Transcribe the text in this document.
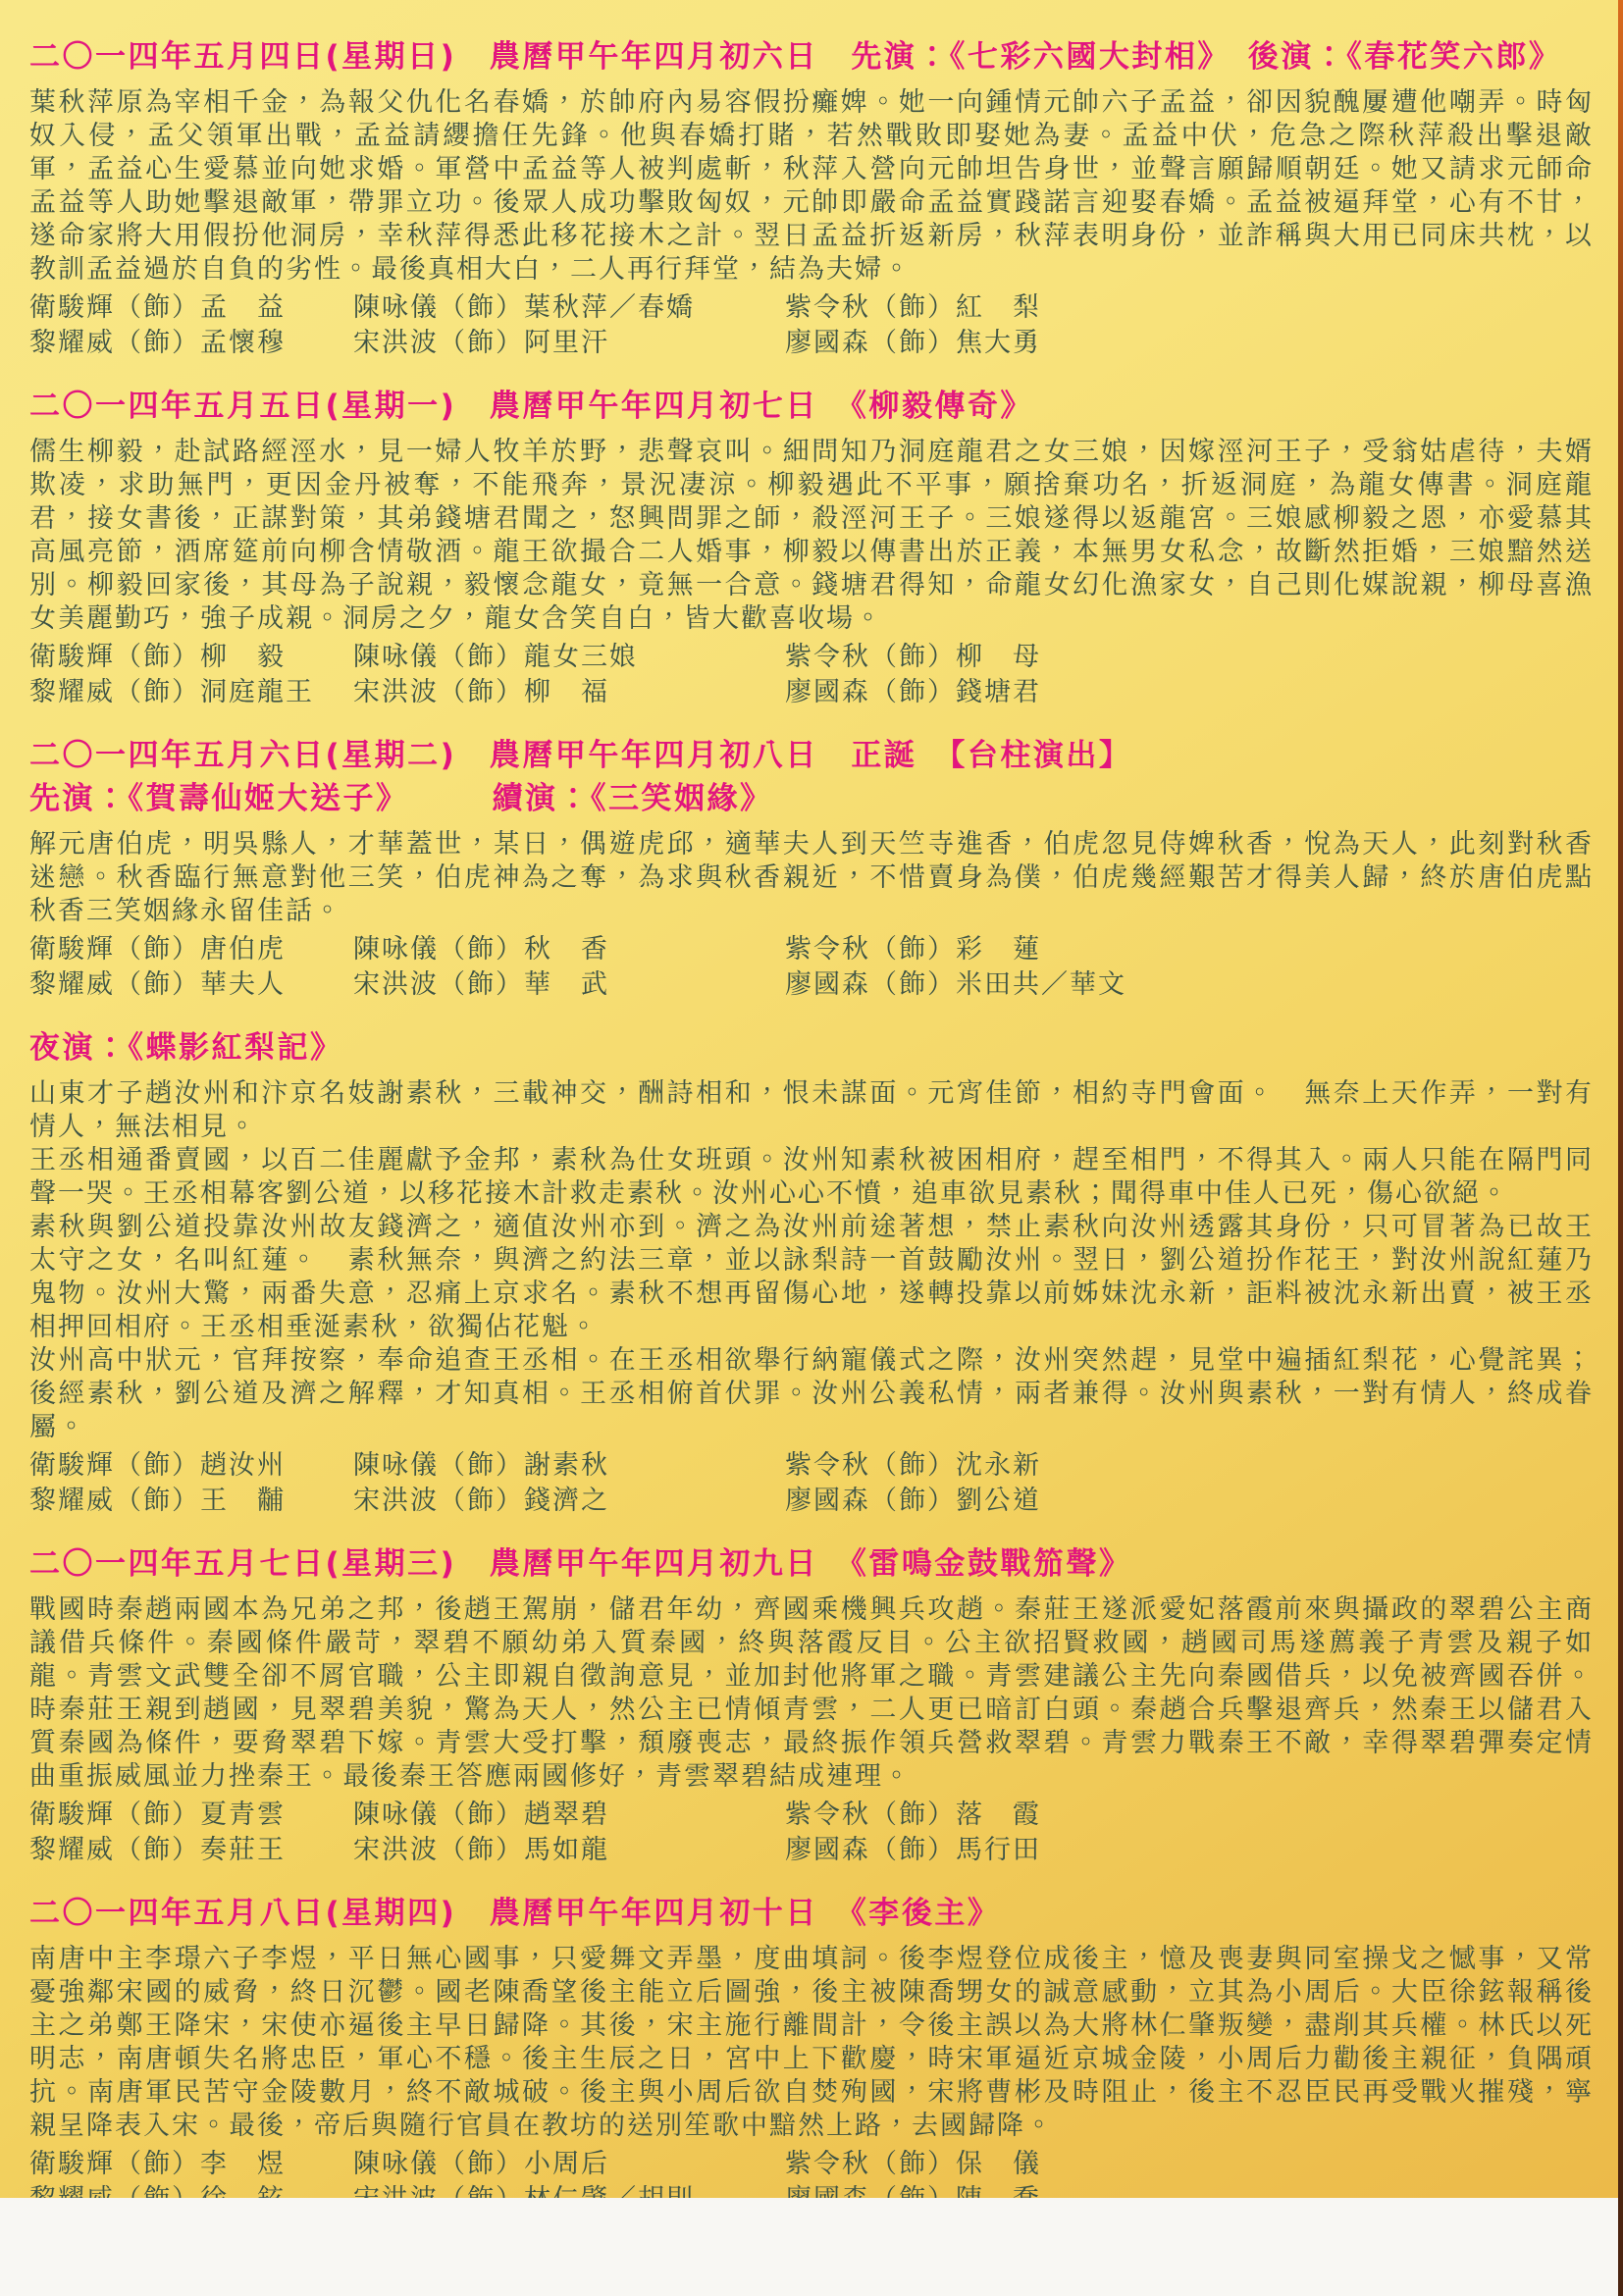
二〇一四年五月四日(星期日)　農曆甲午年四月初六日　先演：《七彩六國大封相》　後演：《春花笑六郎》

葉秋萍原為宰相千金，為報父仇化名春嬌，於帥府內易容假扮癱婢。她一向鍾情元帥六子孟益，卻因貌醜屢遭他嘲弄。時匈奴入侵，孟父領軍出戰，孟益請纓擔任先鋒。他與春嬌打賭，若然戰敗即娶她為妻。孟益中伏，危急之際秋萍殺出擊退敵軍，孟益心生愛慕並向她求婚。軍營中孟益等人被判處斬，秋萍入營向元帥坦告身世，並聲言願歸順朝廷。她又請求元師命孟益等人助她擊退敵軍，帶罪立功。後眾人成功擊敗匈奴，元帥即嚴命孟益實踐諾言迎娶春嬌。孟益被逼拜堂，心有不甘，遂命家將大用假扮他洞房，幸秋萍得悉此移花接木之計。翌日孟益折返新房，秋萍表明身份，並詐稱與大用已同床共枕，以教訓孟益過於自負的劣性。最後真相大白，二人再行拜堂，結為夫婦。

衛駿輝（飾）孟　益	陳咏儀（飾）葉秋萍／春嬌	紫令秋（飾）紅　梨
黎耀威（飾）孟懷穆	宋洪波（飾）阿里汗	廖國森（飾）焦大勇
二〇一四年五月五日(星期一)　農曆甲午年四月初七日　《柳毅傳奇》

儒生柳毅，赴試路經涇水，見一婦人牧羊於野，悲聲哀叫。細問知乃洞庭龍君之女三娘，因嫁涇河王子，受翁姑虐待，夫婿欺凌，求助無門，更因金丹被奪，不能飛奔，景況凄涼。柳毅遇此不平事，願捨棄功名，折返洞庭，為龍女傳書。洞庭龍君，接女書後，正謀對策，其弟錢塘君聞之，怒興問罪之師，殺涇河王子。三娘遂得以返龍宮。三娘感柳毅之恩，亦愛慕其高風亮節，酒席筵前向柳含情敬酒。龍王欲撮合二人婚事，柳毅以傳書出於正義，本無男女私念，故斷然拒婚，三娘黯然送別。柳毅回家後，其母為子說親，毅懷念龍女，竟無一合意。錢塘君得知，命龍女幻化漁家女，自己則化媒說親，柳母喜漁女美麗勤巧，強子成親。洞房之夕，龍女含笑自白，皆大歡喜收場。

衛駿輝（飾）柳　毅	陳咏儀（飾）龍女三娘	紫令秋（飾）柳　母
黎耀威（飾）洞庭龍王	宋洪波（飾）柳　福	廖國森（飾）錢塘君
二〇一四年五月六日(星期二)　農曆甲午年四月初八日　正誕　【台柱演出】
先演：《賀壽仙姬大送子》　　　續演：《三笑姻緣》

解元唐伯虎，明吳縣人，才華蓋世，某日，偶遊虎邱，適華夫人到天竺寺進香，伯虎忽見侍婢秋香，悅為天人，此刻對秋香迷戀。秋香臨行無意對他三笑，伯虎神為之奪，為求與秋香親近，不惜賣身為僕，伯虎幾經艱苦才得美人歸，終於唐伯虎點秋香三笑姻緣永留佳話。

衛駿輝（飾）唐伯虎	陳咏儀（飾）秋　香	紫令秋（飾）彩　蓮
黎耀威（飾）華夫人	宋洪波（飾）華　武	廖國森（飾）米田共／華文
夜演：《蝶影紅梨記》

山東才子趙汝州和汴京名妓謝素秋，三載神交，酬詩相和，恨未謀面。元宵佳節，相約寺門會面。　無奈上天作弄，一對有情人，無法相見。

王丞相通番賣國，以百二佳麗獻予金邦，素秋為仕女班頭。汝州知素秋被困相府，趕至相門，不得其入。兩人只能在隔門同聲一哭。王丞相幕客劉公道，以移花接木計救走素秋。汝州心心不憤，追車欲見素秋；聞得車中佳人已死，傷心欲絕。

素秋與劉公道投靠汝州故友錢濟之，適值汝州亦到。濟之為汝州前途著想，禁止素秋向汝州透露其身份，只可冒著為已故王太守之女，名叫紅蓮。　素秋無奈，與濟之約法三章，並以詠梨詩一首鼓勵汝州。翌日，劉公道扮作花王，對汝州說紅蓮乃鬼物。汝州大驚，兩番失意，忍痛上京求名。素秋不想再留傷心地，遂轉投靠以前姊妹沈永新，詎料被沈永新出賣，被王丞相押回相府。王丞相垂涎素秋，欲獨佔花魁。

汝州高中狀元，官拜按察，奉命追查王丞相。在王丞相欲舉行納寵儀式之際，汝州突然趕，見堂中遍插紅梨花，心覺詫異；後經素秋，劉公道及濟之解釋，才知真相。王丞相俯首伏罪。汝州公義私情，兩者兼得。汝州與素秋，一對有情人，終成眷屬。

衛駿輝（飾）趙汝州	陳咏儀（飾）謝素秋	紫令秋（飾）沈永新
黎耀威（飾）王　黼	宋洪波（飾）錢濟之	廖國森（飾）劉公道
二〇一四年五月七日(星期三)　農曆甲午年四月初九日　《雷鳴金鼓戰笳聲》

戰國時秦趙兩國本為兄弟之邦，後趙王駕崩，儲君年幼，齊國乘機興兵攻趙。秦莊王遂派愛妃落霞前來與攝政的翠碧公主商議借兵條件。秦國條件嚴苛，翠碧不願幼弟入質秦國，終與落霞反目。公主欲招賢救國，趙國司馬遂薦義子青雲及親子如龍。青雲文武雙全卻不屑官職，公主即親自徵詢意見，並加封他將軍之職。青雲建議公主先向秦國借兵，以免被齊國吞併。時秦莊王親到趙國，見翠碧美貌，驚為天人，然公主已情傾青雲，二人更已暗訂白頭。秦趙合兵擊退齊兵，然秦王以儲君入質秦國為條件，要脅翠碧下嫁。青雲大受打擊，頹廢喪志，最終振作領兵營救翠碧。青雲力戰秦王不敵，幸得翠碧彈奏定情曲重振威風並力挫秦王。最後秦王答應兩國修好，青雲翠碧結成連理。

衛駿輝（飾）夏青雲	陳咏儀（飾）趙翠碧	紫令秋（飾）落　霞
黎耀威（飾）奏莊王	宋洪波（飾）馬如龍	廖國森（飾）馬行田
二〇一四年五月八日(星期四)　農曆甲午年四月初十日　《李後主》

南唐中主李璟六子李煜，平日無心國事，只愛舞文弄墨，度曲填詞。後李煜登位成後主，憶及喪妻與同室操戈之憾事，又常憂強鄰宋國的威脅，終日沉鬱。國老陳喬望後主能立后圖強，後主被陳喬甥女的誠意感動，立其為小周后。大臣徐鉉報稱後主之弟鄭王降宋，宋使亦逼後主早日歸降。其後，宋主施行離間計，令後主誤以為大將林仁肇叛變，盡削其兵權。林氏以死明志，南唐頓失名將忠臣，軍心不穩。後主生辰之日，宮中上下歡慶，時宋軍逼近京城金陵，小周后力勸後主親征，負隅頑抗。南唐軍民苦守金陵數月，終不敵城破。後主與小周后欲自焚殉國，宋將曹彬及時阻止，後主不忍臣民再受戰火摧殘，寧親呈降表入宋。最後，帝后與隨行官員在教坊的送別笙歌中黯然上路，去國歸降。

衛駿輝（飾）李　煜	陳咏儀（飾）小周后	紫令秋（飾）保　儀
